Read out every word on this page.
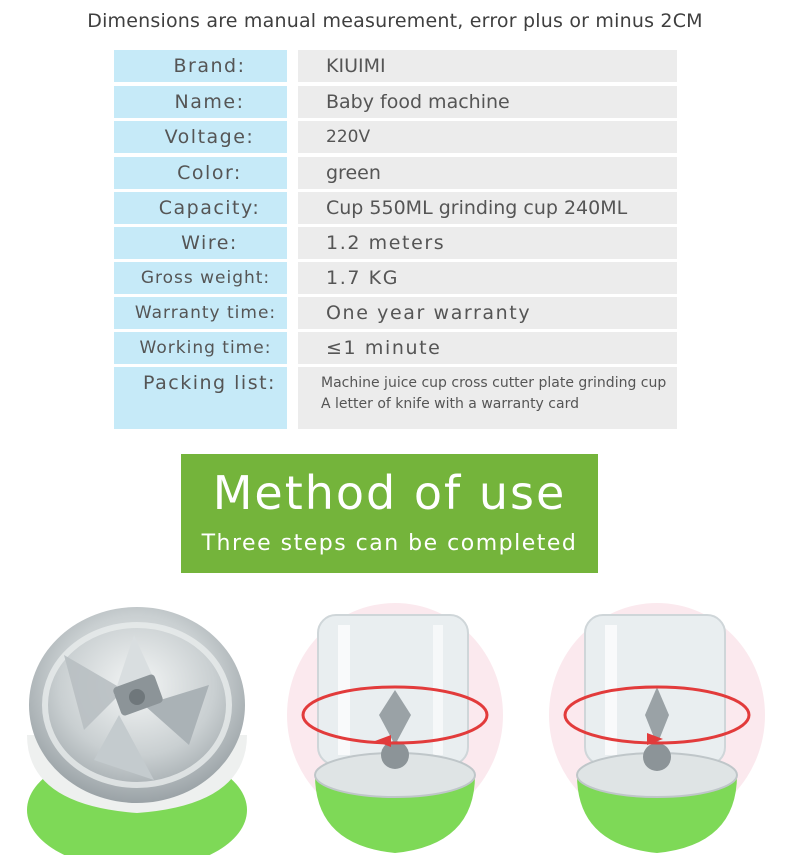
Dimensions are manual measurement, error plus or minus 2CM
Brand:	KIUIMI
Name:	Baby food machine
Voltage:	220V
Color:	green
Capacity:	Cup 550ML grinding cup 240ML
Wire:	1.2 meters
Gross weight:	1.7 KG
Warranty time:	One year warranty
Working time:	≤1 minute
Packing list:	Machine juice cup cross cutter plate grinding cup
A letter of knife with a warranty card
Method of use
Three steps can be completed
